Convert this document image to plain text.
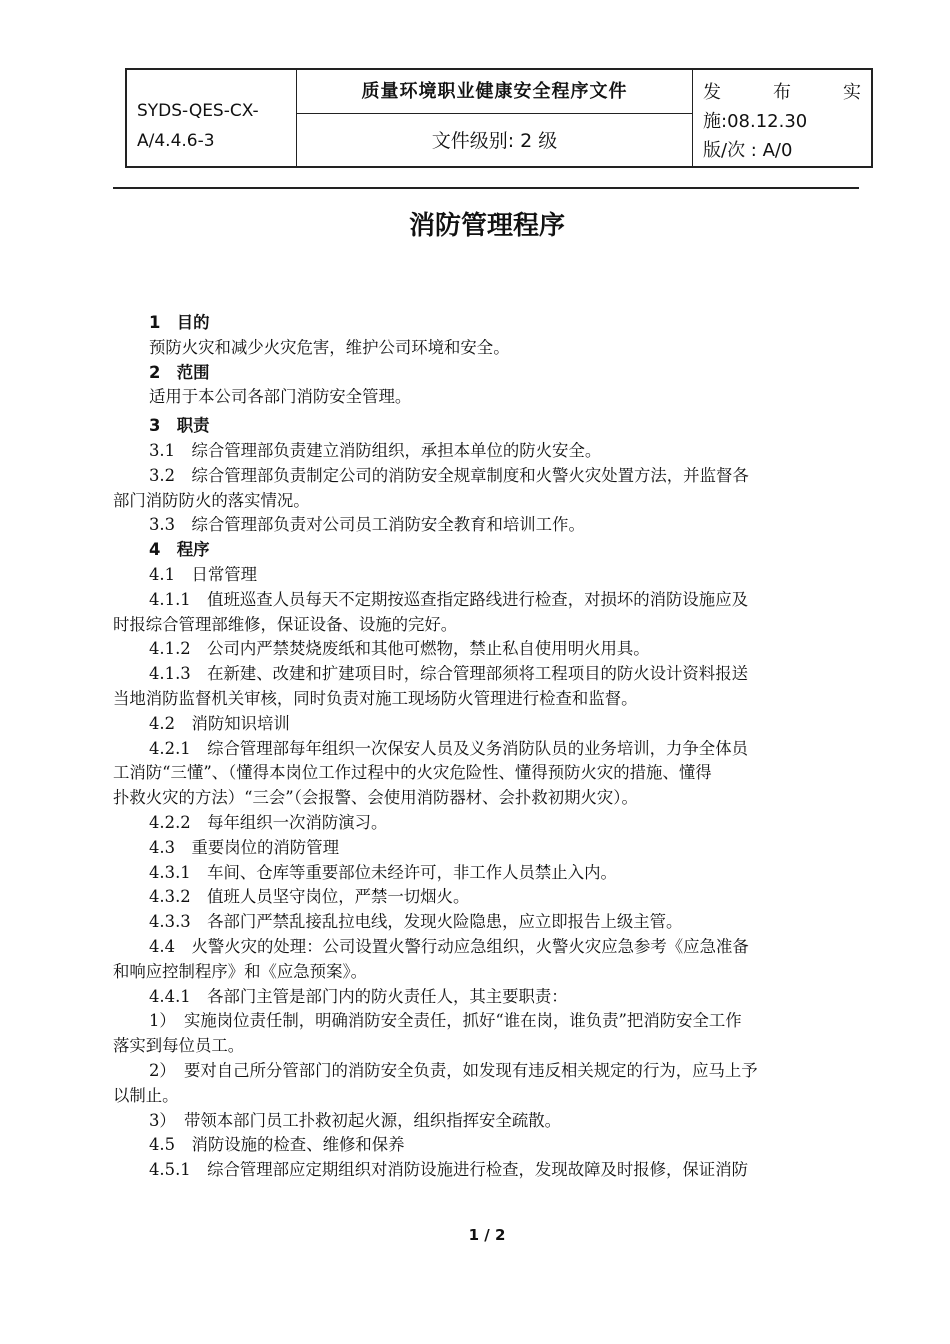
SYDS-QES-CX-
A/4.4.6-3
质量环境职业健康安全程序文件
文件级别: 2 级
发	布	实
施:08.12.30
版/次 : A/0
消防管理程序
1　目的
预防火灾和减少火灾危害，维护公司环境和安全。
2　范围
适用于本公司各部门消防安全管理。
3　职责
3.1　综合管理部负责建立消防组织，承担本单位的防火安全。
3.2　综合管理部负责制定公司的消防安全规章制度和火警火灾处置方法，并监督各
部门消防防火的落实情况。
3.3　综合管理部负责对公司员工消防安全教育和培训工作。
4　程序
4.1　日常管理
4.1.1　值班巡查人员每天不定期按巡查指定路线进行检查，对损坏的消防设施应及
时报综合管理部维修，保证设备、设施的完好。
4.1.2　公司内严禁焚烧废纸和其他可燃物，禁止私自使用明火用具。
4.1.3　在新建、改建和扩建项目时，综合管理部须将工程项目的防火设计资料报送
当地消防监督机关审核，同时负责对施工现场防火管理进行检查和监督。
4.2　消防知识培训
4.2.1　综合管理部每年组织一次保安人员及义务消防队员的业务培训，力争全体员
工消防“三懂”、（懂得本岗位工作过程中的火灾危险性、懂得预防火灾的措施、懂得
扑救火灾的方法）“三会”（会报警、会使用消防器材、会扑救初期火灾）。
4.2.2　每年组织一次消防演习。
4.3　重要岗位的消防管理
4.3.1　车间、仓库等重要部位未经许可，非工作人员禁止入内。
4.3.2　值班人员坚守岗位，严禁一切烟火。
4.3.3　各部门严禁乱接乱拉电线，发现火险隐患，应立即报告上级主管。
4.4　火警火灾的处理：公司设置火警行动应急组织，火警火灾应急参考《应急准备
和响应控制程序》和《应急预案》。
4.4.1　各部门主管是部门内的防火责任人，其主要职责：
1）　实施岗位责任制，明确消防安全责任，抓好“谁在岗，谁负责”把消防安全工作
落实到每位员工。
2）　要对自己所分管部门的消防安全负责，如发现有违反相关规定的行为，应马上予
以制止。
3）　带领本部门员工扑救初起火源，组织指挥安全疏散。
4.5　消防设施的检查、维修和保养
4.5.1　综合管理部应定期组织对消防设施进行检查，发现故障及时报修，保证消防
1 / 2
